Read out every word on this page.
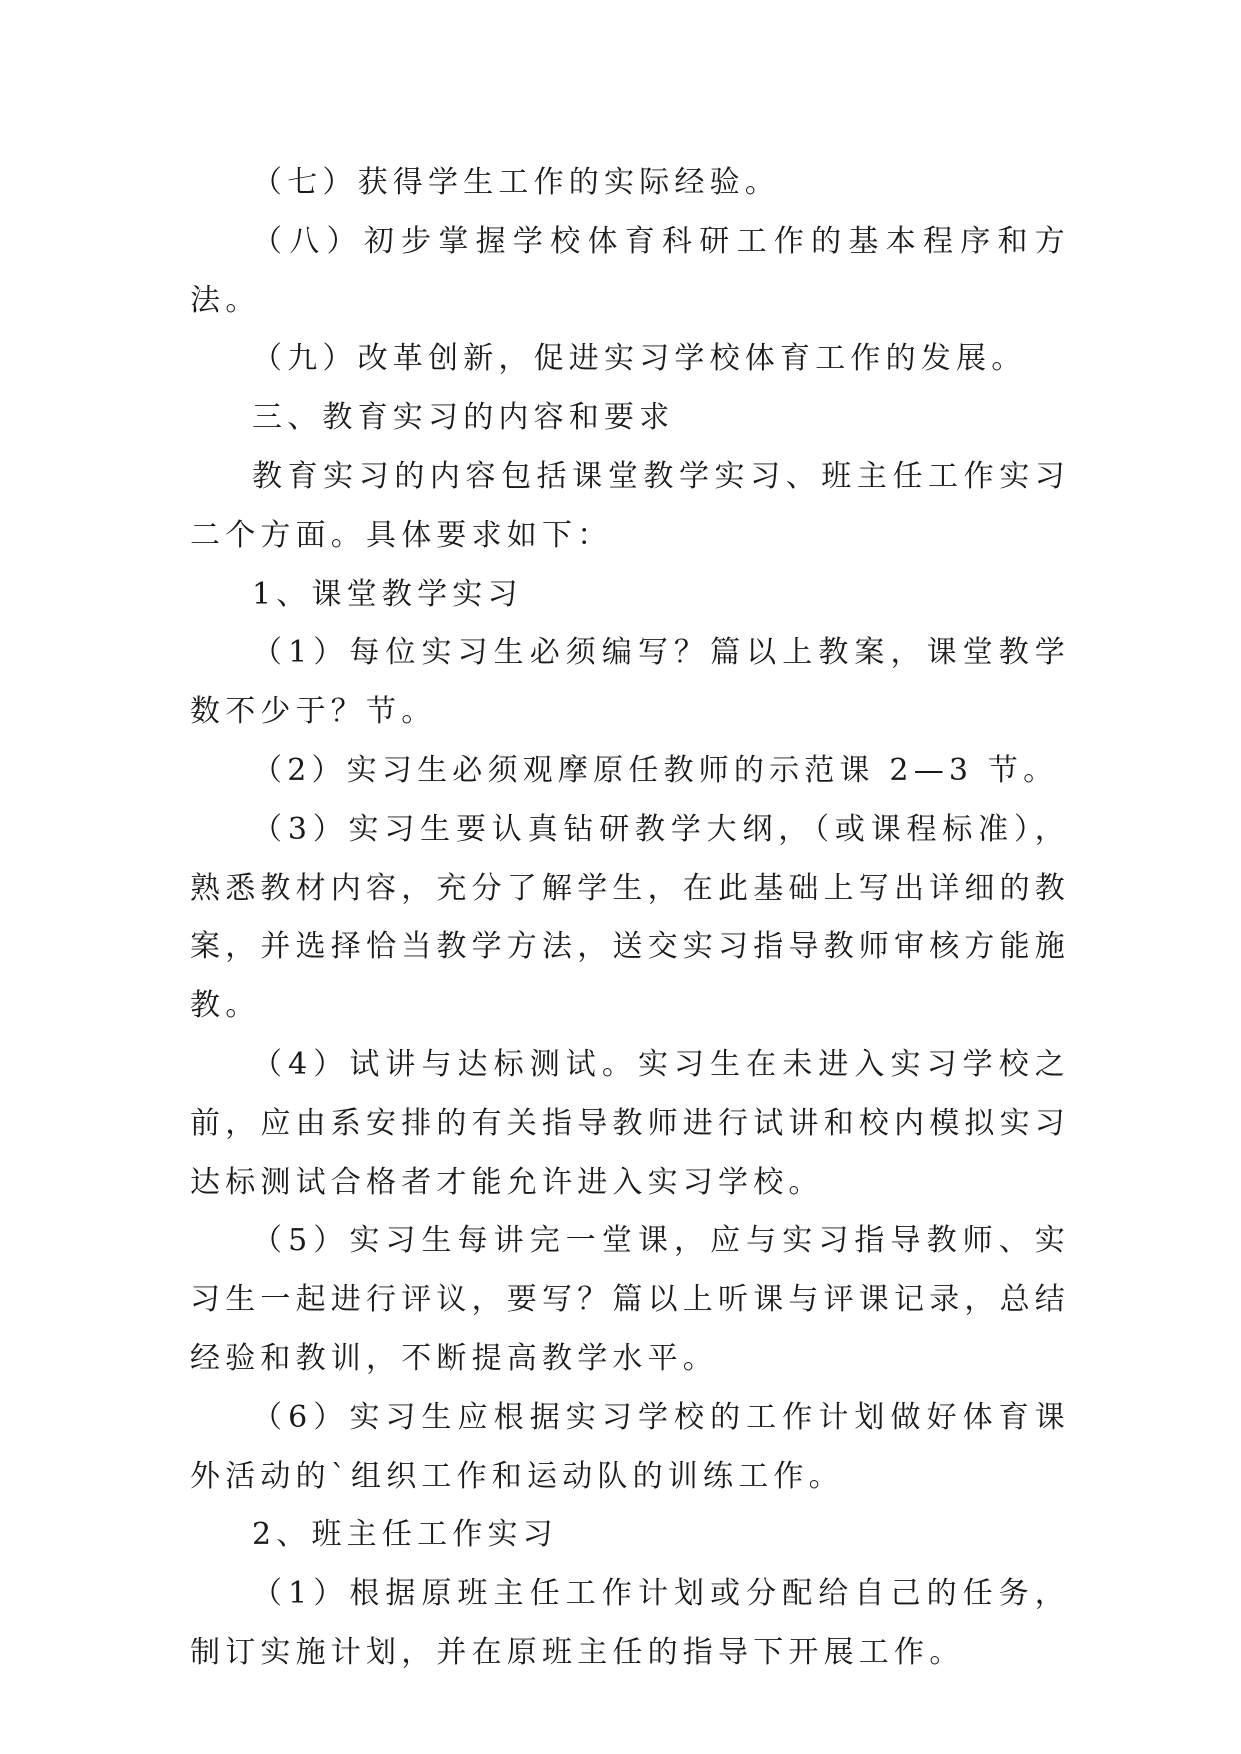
（七）获得学生工作的实际经验。

（八）初步掌握学校体育科研工作的基本程序和方法。

（九）改革创新，促进实习学校体育工作的发展。

三、教育实习的内容和要求

教育实习的内容包括课堂教学实习、班主任工作实习二个方面。具体要求如下：

1、课堂教学实习

（1）每位实习生必须编写？篇以上教案，课堂教学数不少于？节。

（2）实习生必须观摩原任教师的示范课 2—3 节。

（3）实习生要认真钻研教学大纲，（或课程标准），熟悉教材内容，充分了解学生，在此基础上写出详细的教案，并选择恰当教学方法，送交实习指导教师审核方能施教。

（4）试讲与达标测试。实习生在未进入实习学校之前，应由系安排的有关指导教师进行试讲和校内模拟实习达标测试合格者才能允许进入实习学校。

（5）实习生每讲完一堂课，应与实习指导教师、实习生一起进行评议，要写？篇以上听课与评课记录，总结经验和教训，不断提高教学水平。

（6）实习生应根据实习学校的工作计划做好体育课外活动的`组织工作和运动队的训练工作。

2、班主任工作实习

（1）根据原班主任工作计划或分配给自己的任务，制订实施计划，并在原班主任的指导下开展工作。
